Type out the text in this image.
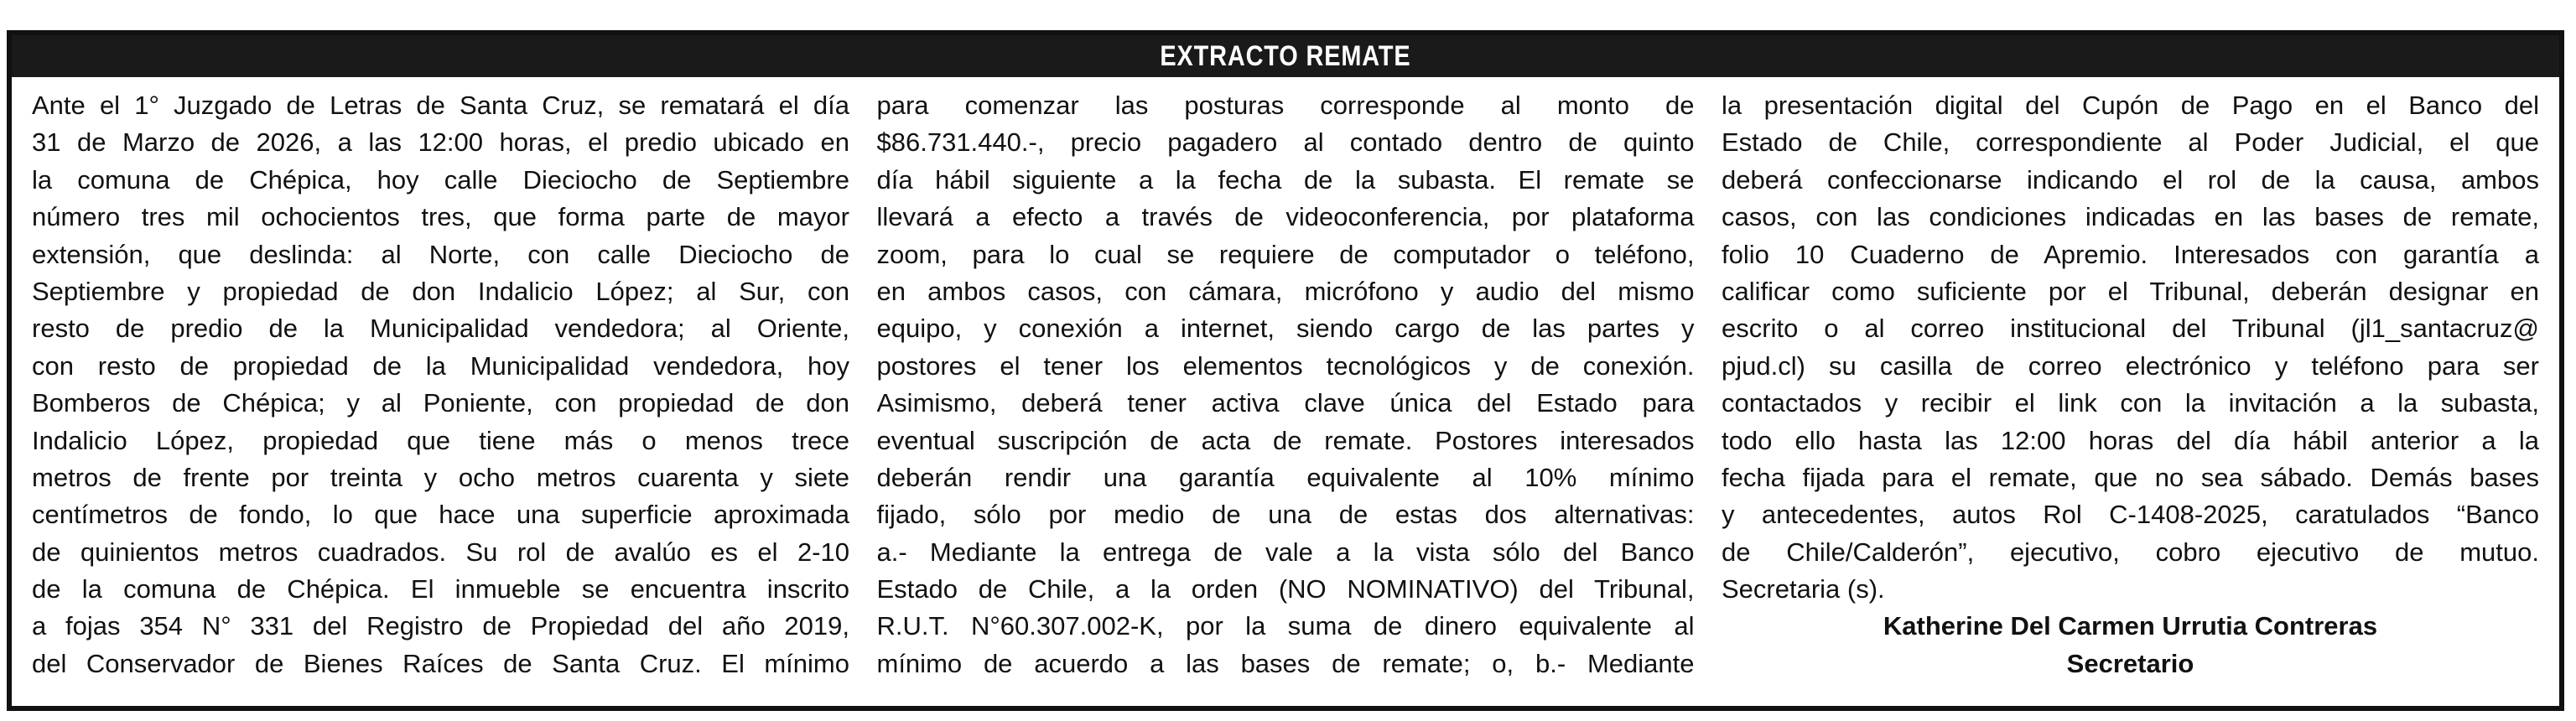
EXTRACTO REMATE
Ante el 1° Juzgado de Letras de Santa Cruz, se rematará el día
31 de Marzo de 2026, a las 12:00 horas, el predio ubicado en
la comuna de Chépica, hoy calle Dieciocho de Septiembre
número tres mil ochocientos tres, que forma parte de mayor
extensión, que deslinda: al Norte, con calle Dieciocho de
Septiembre y propiedad de don Indalicio López; al Sur, con
resto de predio de la Municipalidad vendedora; al Oriente,
con resto de propiedad de la Municipalidad vendedora, hoy
Bomberos de Chépica; y al Poniente, con propiedad de don
Indalicio López, propiedad que tiene más o menos trece
metros de frente por treinta y ocho metros cuarenta y siete
centímetros de fondo, lo que hace una superficie aproximada
de quinientos metros cuadrados. Su rol de avalúo es el 2-10
de la comuna de Chépica. El inmueble se encuentra inscrito
a fojas 354 N° 331 del Registro de Propiedad del año 2019,
del Conservador de Bienes Raíces de Santa Cruz. El mínimo
para comenzar las posturas corresponde al monto de
$86.731.440.-, precio pagadero al contado dentro de quinto
día hábil siguiente a la fecha de la subasta. El remate se
llevará a efecto a través de videoconferencia, por plataforma
zoom, para lo cual se requiere de computador o teléfono,
en ambos casos, con cámara, micrófono y audio del mismo
equipo, y conexión a internet, siendo cargo de las partes y
postores el tener los elementos tecnológicos y de conexión.
Asimismo, deberá tener activa clave única del Estado para
eventual suscripción de acta de remate. Postores interesados
deberán rendir una garantía equivalente al 10% mínimo
fijado, sólo por medio de una de estas dos alternativas:
a.- Mediante la entrega de vale a la vista sólo del Banco
Estado de Chile, a la orden (NO NOMINATIVO) del Tribunal,
R.U.T. N°60.307.002-K, por la suma de dinero equivalente al
mínimo de acuerdo a las bases de remate; o, b.- Mediante
la presentación digital del Cupón de Pago en el Banco del
Estado de Chile, correspondiente al Poder Judicial, el que
deberá confeccionarse indicando el rol de la causa, ambos
casos, con las condiciones indicadas en las bases de remate,
folio 10 Cuaderno de Apremio. Interesados con garantía a
calificar como suficiente por el Tribunal, deberán designar en
escrito o al correo institucional del Tribunal (jl1_santacruz@
pjud.cl) su casilla de correo electrónico y teléfono para ser
contactados y recibir el link con la invitación a la subasta,
todo ello hasta las 12:00 horas del día hábil anterior a la
fecha fijada para el remate, que no sea sábado. Demás bases
y antecedentes, autos Rol C-1408-2025, caratulados “Banco
de Chile/Calderón”, ejecutivo, cobro ejecutivo de mutuo.
Secretaria (s).
Katherine Del Carmen Urrutia Contreras
Secretario
